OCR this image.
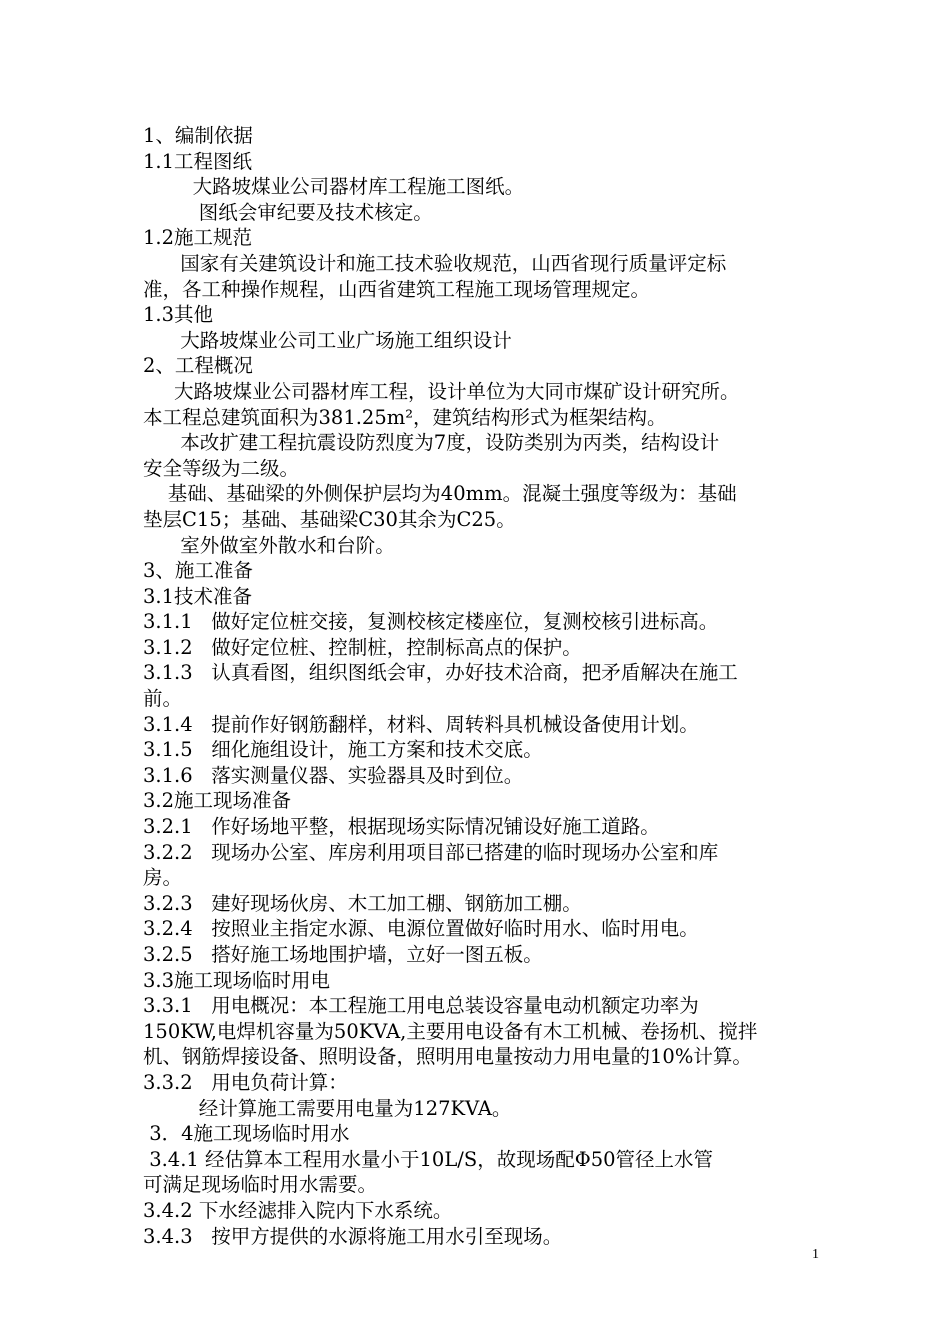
1、编制依据
1.1工程图纸
大路坡煤业公司器材库工程施工图纸。
图纸会审纪要及技术核定。
1.2施工规范
国家有关建筑设计和施工技术验收规范，山西省现行质量评定标
准，各工种操作规程，山西省建筑工程施工现场管理规定。
1.3其他
大路坡煤业公司工业广场施工组织设计
2、工程概况
大路坡煤业公司器材库工程，设计单位为大同市煤矿设计研究所。
本工程总建筑面积为381.25m²，建筑结构形式为框架结构。
本改扩建工程抗震设防烈度为7度，设防类别为丙类，结构设计
安全等级为二级。
基础、基础梁的外侧保护层均为40mm。混凝土强度等级为：基础
垫层C15；基础、基础梁C30其余为C25。
室外做室外散水和台阶。
3、施工准备
3.1技术准备
3.1.1   做好定位桩交接，复测校核定楼座位，复测校核引进标高。
3.1.2   做好定位桩、控制桩，控制标高点的保护。
3.1.3   认真看图，组织图纸会审，办好技术洽商，把矛盾解决在施工
前。
3.1.4   提前作好钢筋翻样，材料、周转料具机械设备使用计划。
3.1.5   细化施组设计，施工方案和技术交底。
3.1.6   落实测量仪器、实验器具及时到位。
3.2施工现场准备
3.2.1   作好场地平整，根据现场实际情况铺设好施工道路。
3.2.2   现场办公室、库房利用项目部已搭建的临时现场办公室和库
房。
3.2.3   建好现场伙房、木工加工棚、钢筋加工棚。
3.2.4   按照业主指定水源、电源位置做好临时用水、临时用电。
3.2.5   搭好施工场地围护墙，立好一图五板。
3.3施工现场临时用电
3.3.1   用电概况：本工程施工用电总装设容量电动机额定功率为
150KW,电焊机容量为50KVA,主要用电设备有木工机械、卷扬机、搅拌
机、钢筋焊接设备、照明设备，照明用电量按动力用电量的10%计算。
3.3.2   用电负荷计算：
经计算施工需要用电量为127KVA。
3．4施工现场临时用水
3.4.1 经估算本工程用水量小于10L/S，故现场配Φ50管径上水管
可满足现场临时用水需要。
3.4.2 下水经滤排入院内下水系统。
3.4.3   按甲方提供的水源将施工用水引至现场。
1
